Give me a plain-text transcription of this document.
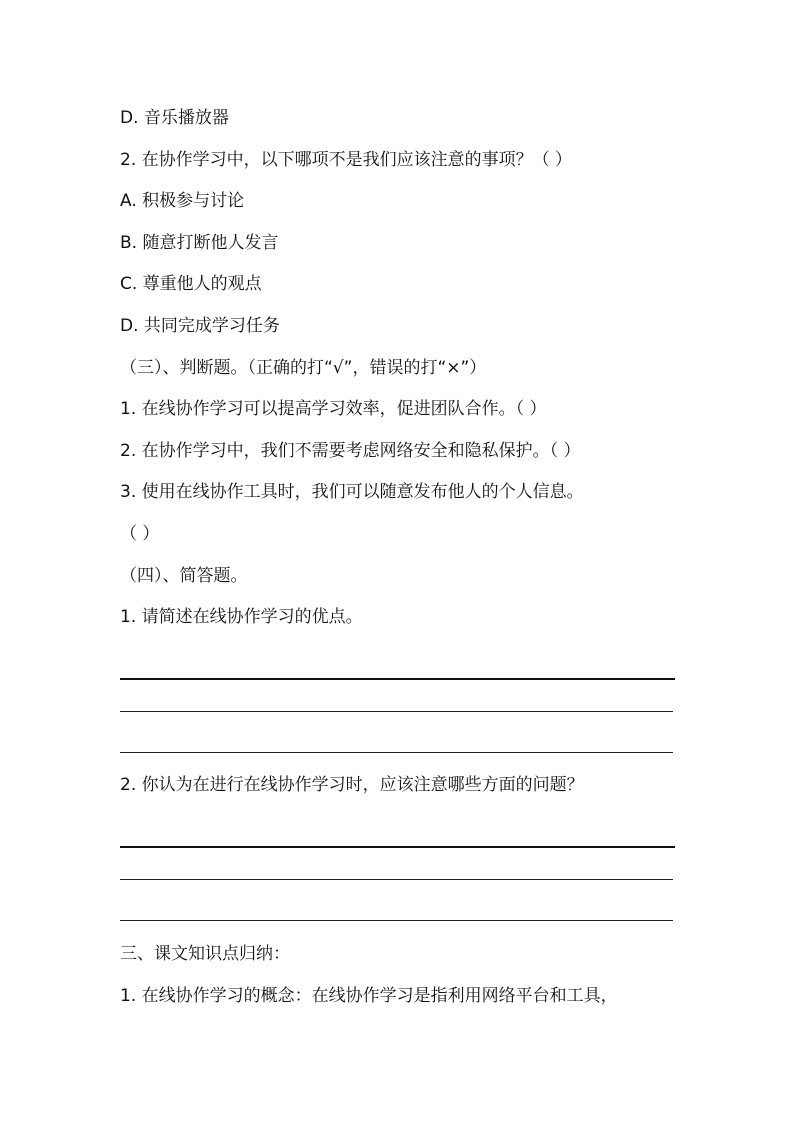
D. 音乐播放器
2. 在协作学习中，以下哪项不是我们应该注意的事项？（ ）
A. 积极参与讨论
B. 随意打断他人发言
C. 尊重他人的观点
D. 共同完成学习任务
（三）、判断题。（正确的打“√”，错误的打“×”）
1. 在线协作学习可以提高学习效率，促进团队合作。（ ）
2. 在协作学习中，我们不需要考虑网络安全和隐私保护。（ ）
3. 使用在线协作工具时，我们可以随意发布他人的个人信息。
（ ）
（四）、简答题。
1. 请简述在线协作学习的优点。
2. 你认为在进行在线协作学习时，应该注意哪些方面的问题？
三、课文知识点归纳：
1. 在线协作学习的概念：在线协作学习是指利用网络平台和工具，
